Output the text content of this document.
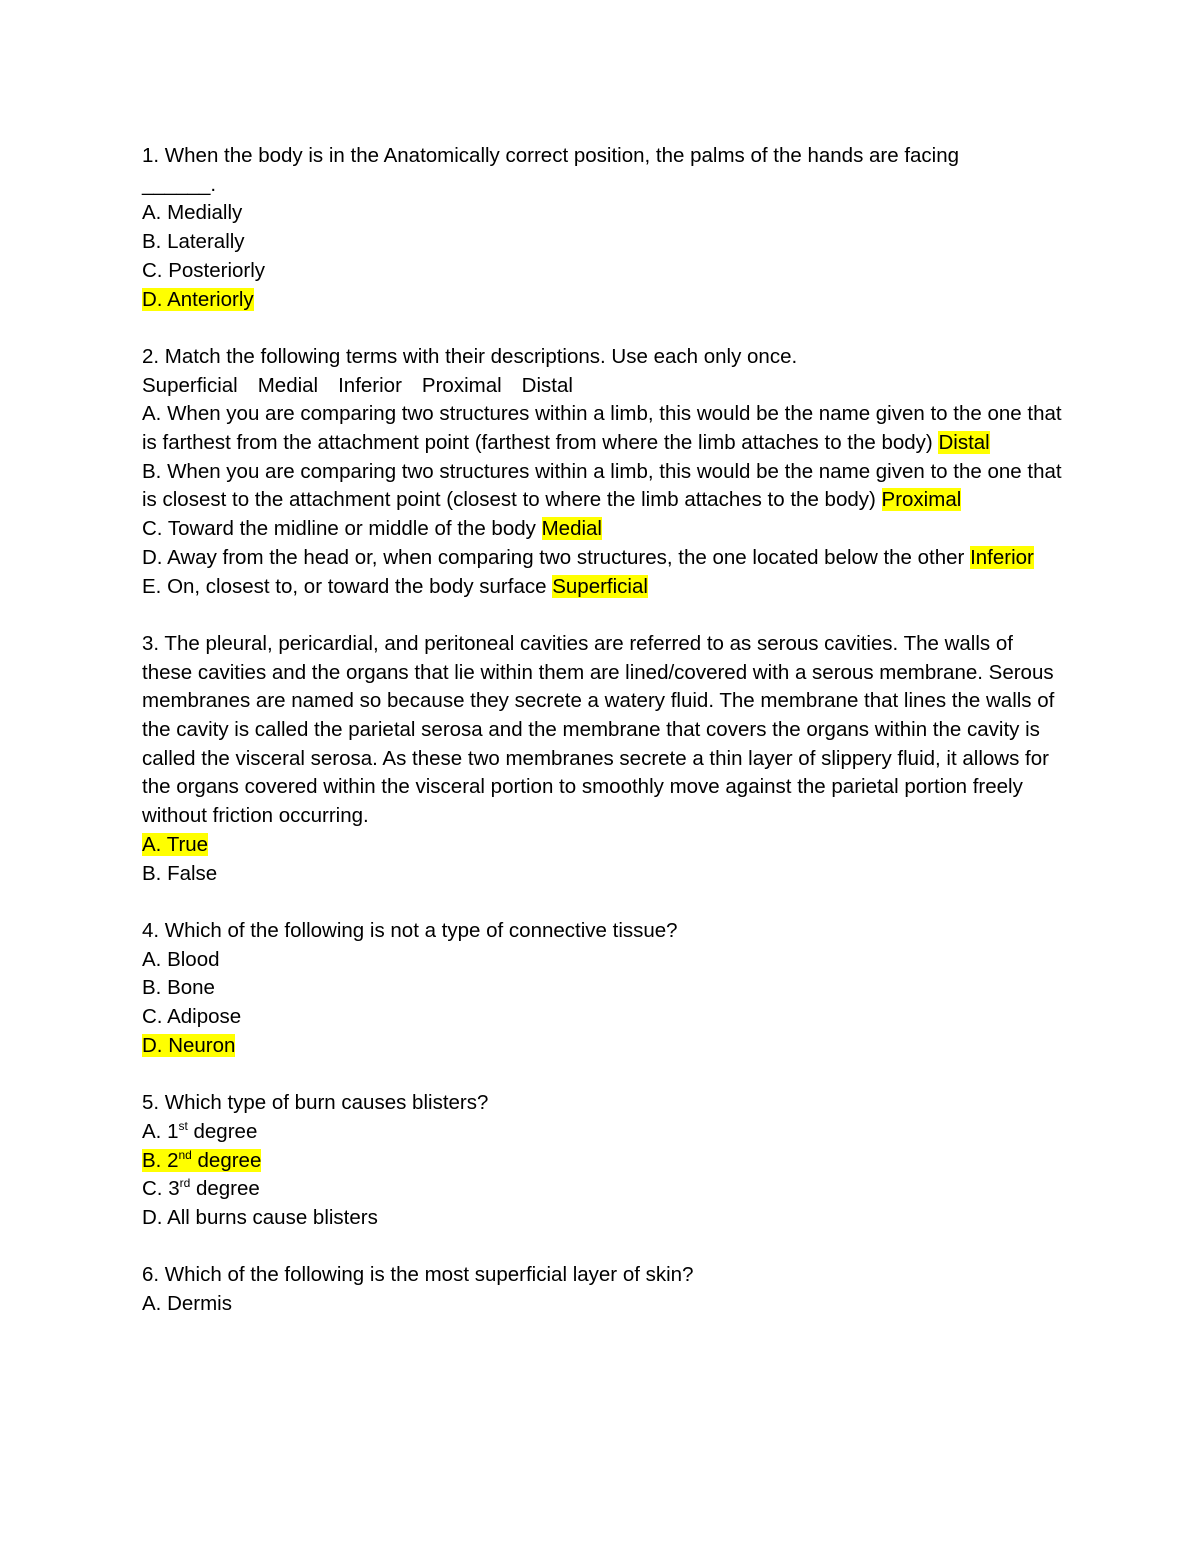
1. When the body is in the Anatomically correct position, the palms of the hands are facing
______.
A. Medially
B. Laterally
C. Posteriorly
D. Anteriorly
2. Match the following terms with their descriptions. Use each only once.
Superficial Medial Inferior Proximal Distal
A. When you are comparing two structures within a limb, this would be the name given to the one that is farthest from the attachment point (farthest from where the limb attaches to the body) Distal
B. When you are comparing two structures within a limb, this would be the name given to the one that is closest to the attachment point (closest to where the limb attaches to the body) Proximal
C. Toward the midline or middle of the body Medial
D. Away from the head or, when comparing two structures, the one located below the other Inferior
E. On, closest to, or toward the body surface Superficial
3. The pleural, pericardial, and peritoneal cavities are referred to as serous cavities. The walls of these cavities and the organs that lie within them are lined/covered with a serous membrane. Serous membranes are named so because they secrete a watery fluid. The membrane that lines the walls of the cavity is called the parietal serosa and the membrane that covers the organs within the cavity is called the visceral serosa. As these two membranes secrete a thin layer of slippery fluid, it allows for the organs covered within the visceral portion to smoothly move against the parietal portion freely without friction occurring.
A. True
B. False
4. Which of the following is not a type of connective tissue?
A. Blood
B. Bone
C. Adipose
D. Neuron
5. Which type of burn causes blisters?
A. 1st degree
B. 2nd degree
C. 3rd degree
D. All burns cause blisters
6. Which of the following is the most superficial layer of skin?
A. Dermis
